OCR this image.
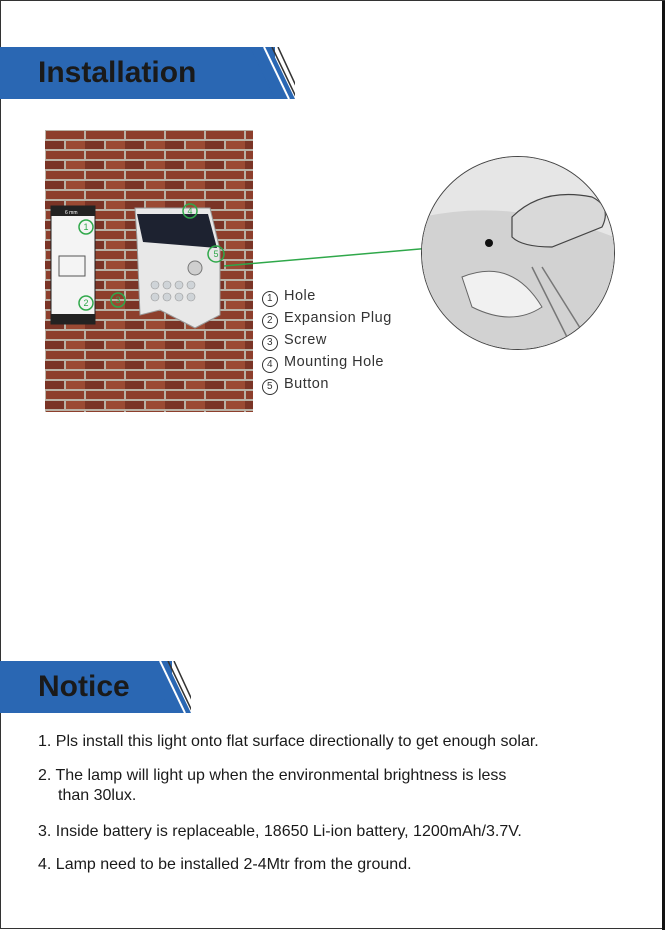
Installation
1
2	3
4
5
6 mm
1 Hole
2 Expansion Plug
3 Screw
4 Mounting Hole
5 Button
Notice
1. Pls install this light onto flat surface directionally to get enough solar.
2. The lamp will light up when the environmental brightness is less
than 30lux.
3. Inside battery is replaceable, 18650 Li-ion battery, 1200mAh/3.7V.
4. Lamp need to be installed 2-4Mtr from the ground.
